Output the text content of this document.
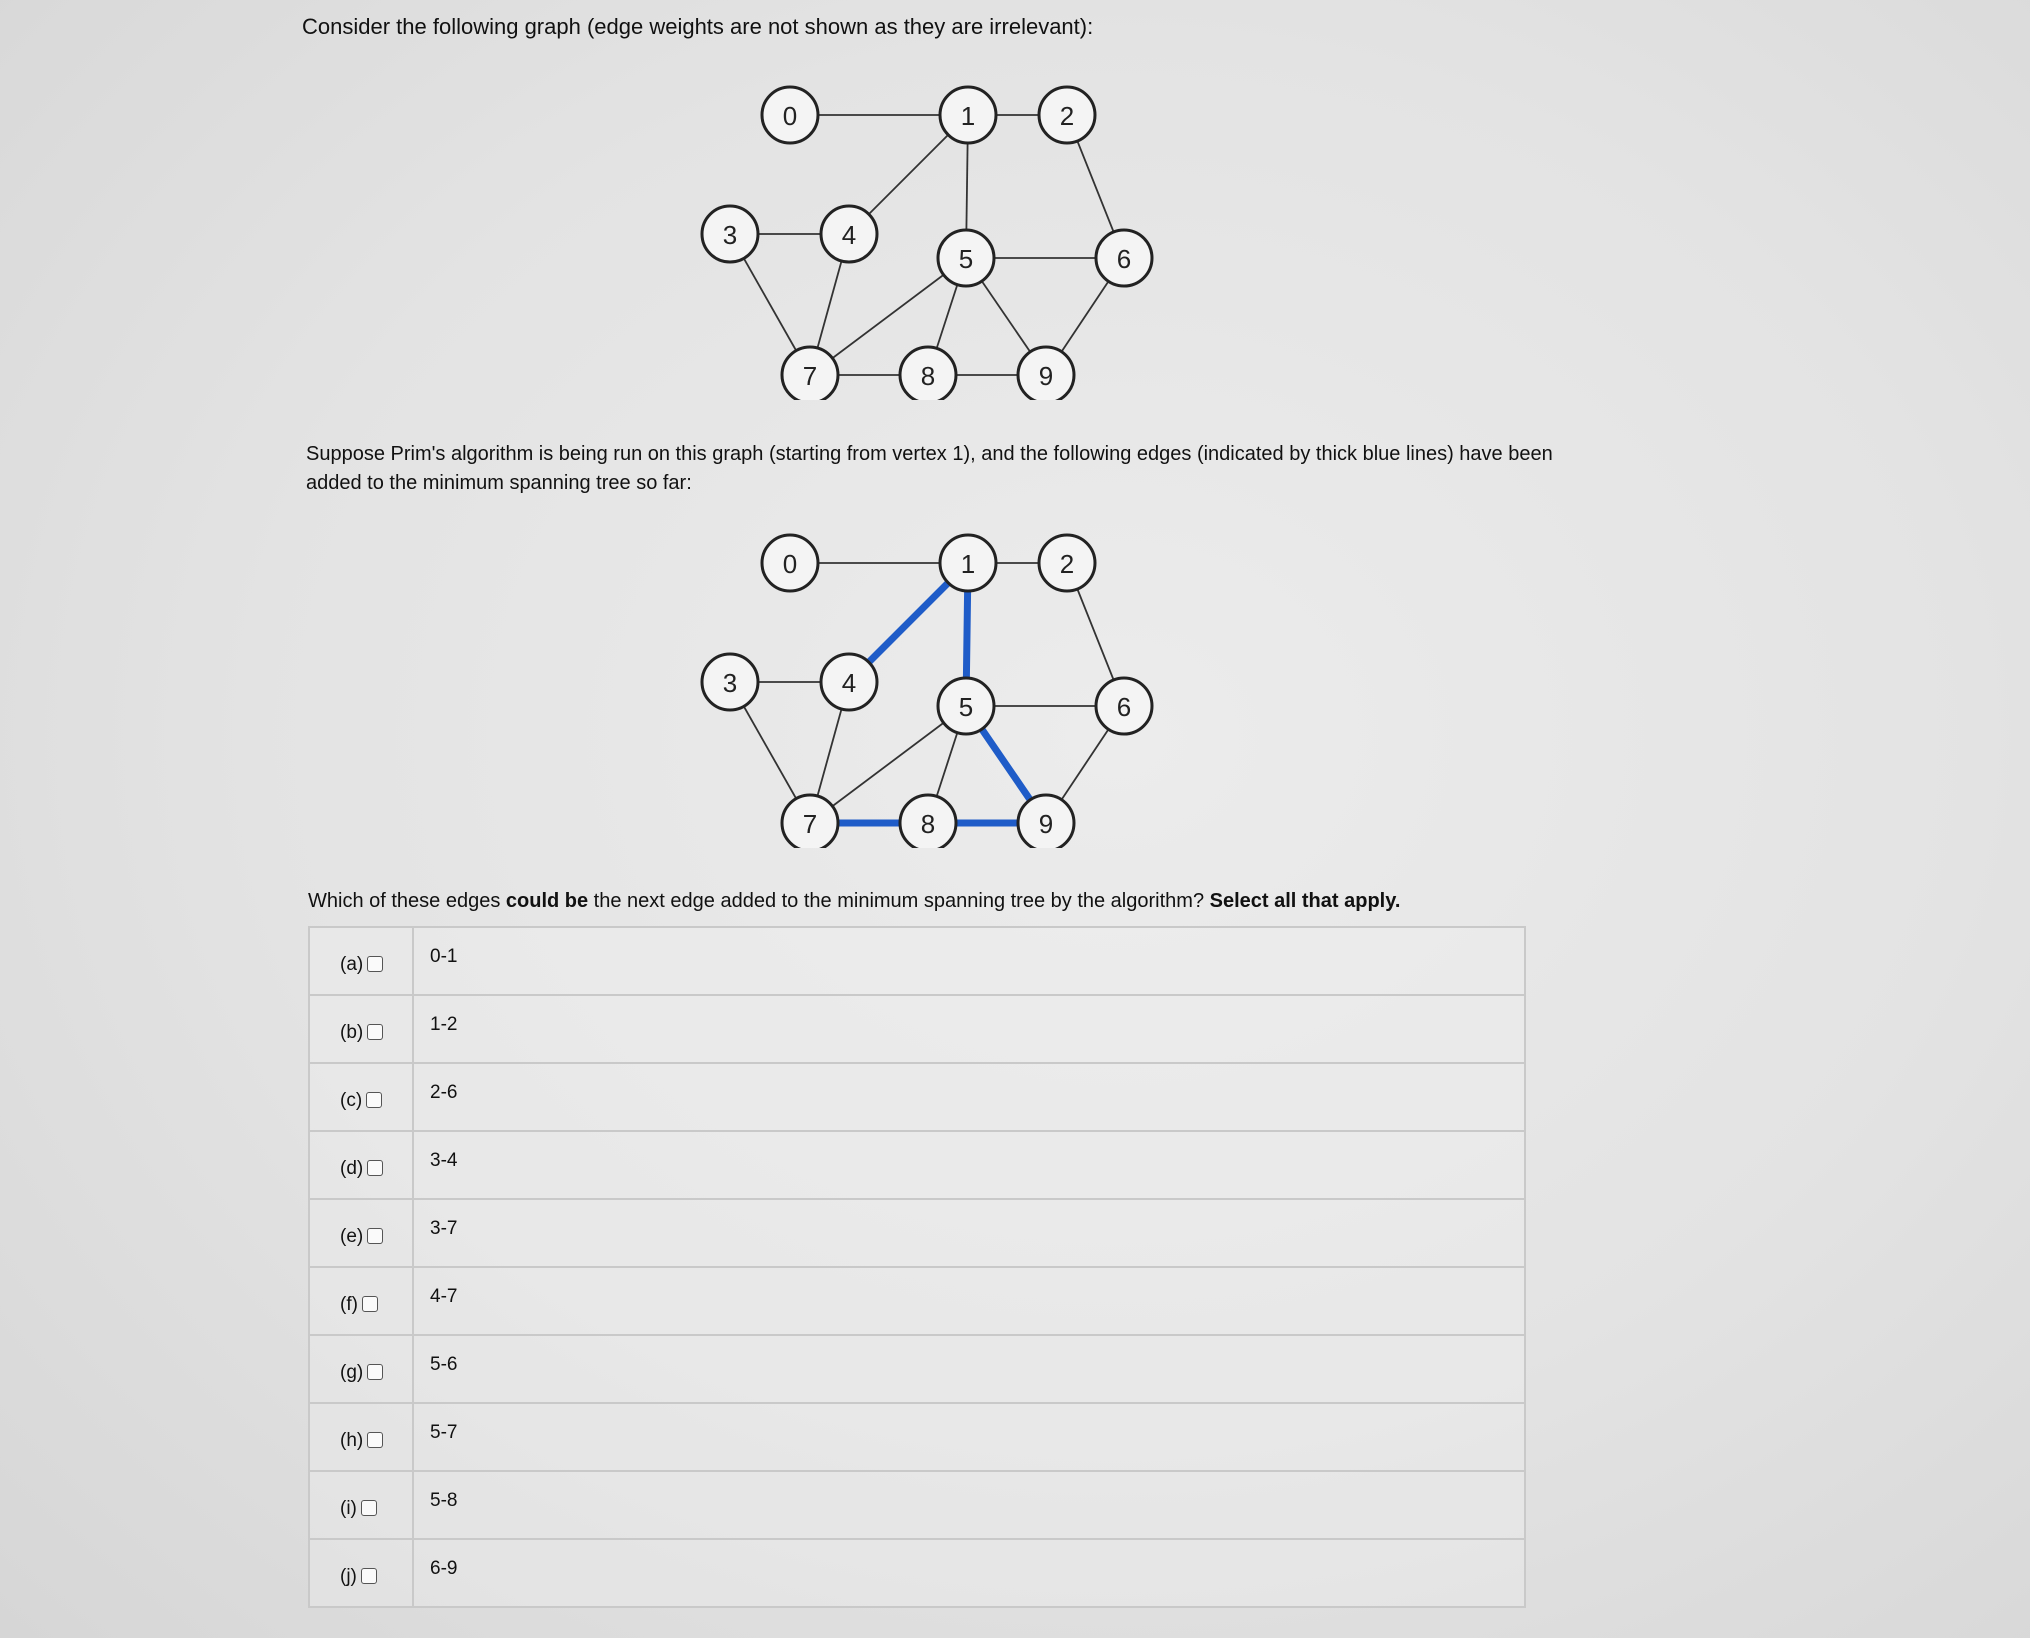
Consider the following graph (edge weights are not shown as they are irrelevant):
0	1	2
3	4
5	6
7	8	9
Suppose Prim's algorithm is being run on this graph (starting from vertex 1), and the following edges (indicated by thick blue lines) have been added to the minimum spanning tree so far:
0	1	2
3	4
5	6
7	8	9
Which of these edges could be the next edge added to the minimum spanning tree by the algorithm? Select all that apply.
(a)	0-1
(b)	1-2
(c)	2-6
(d)	3-4
(e)	3-7
(f)	4-7
(g)	5-6
(h)	5-7
(i)	5-8
(j)	6-9
